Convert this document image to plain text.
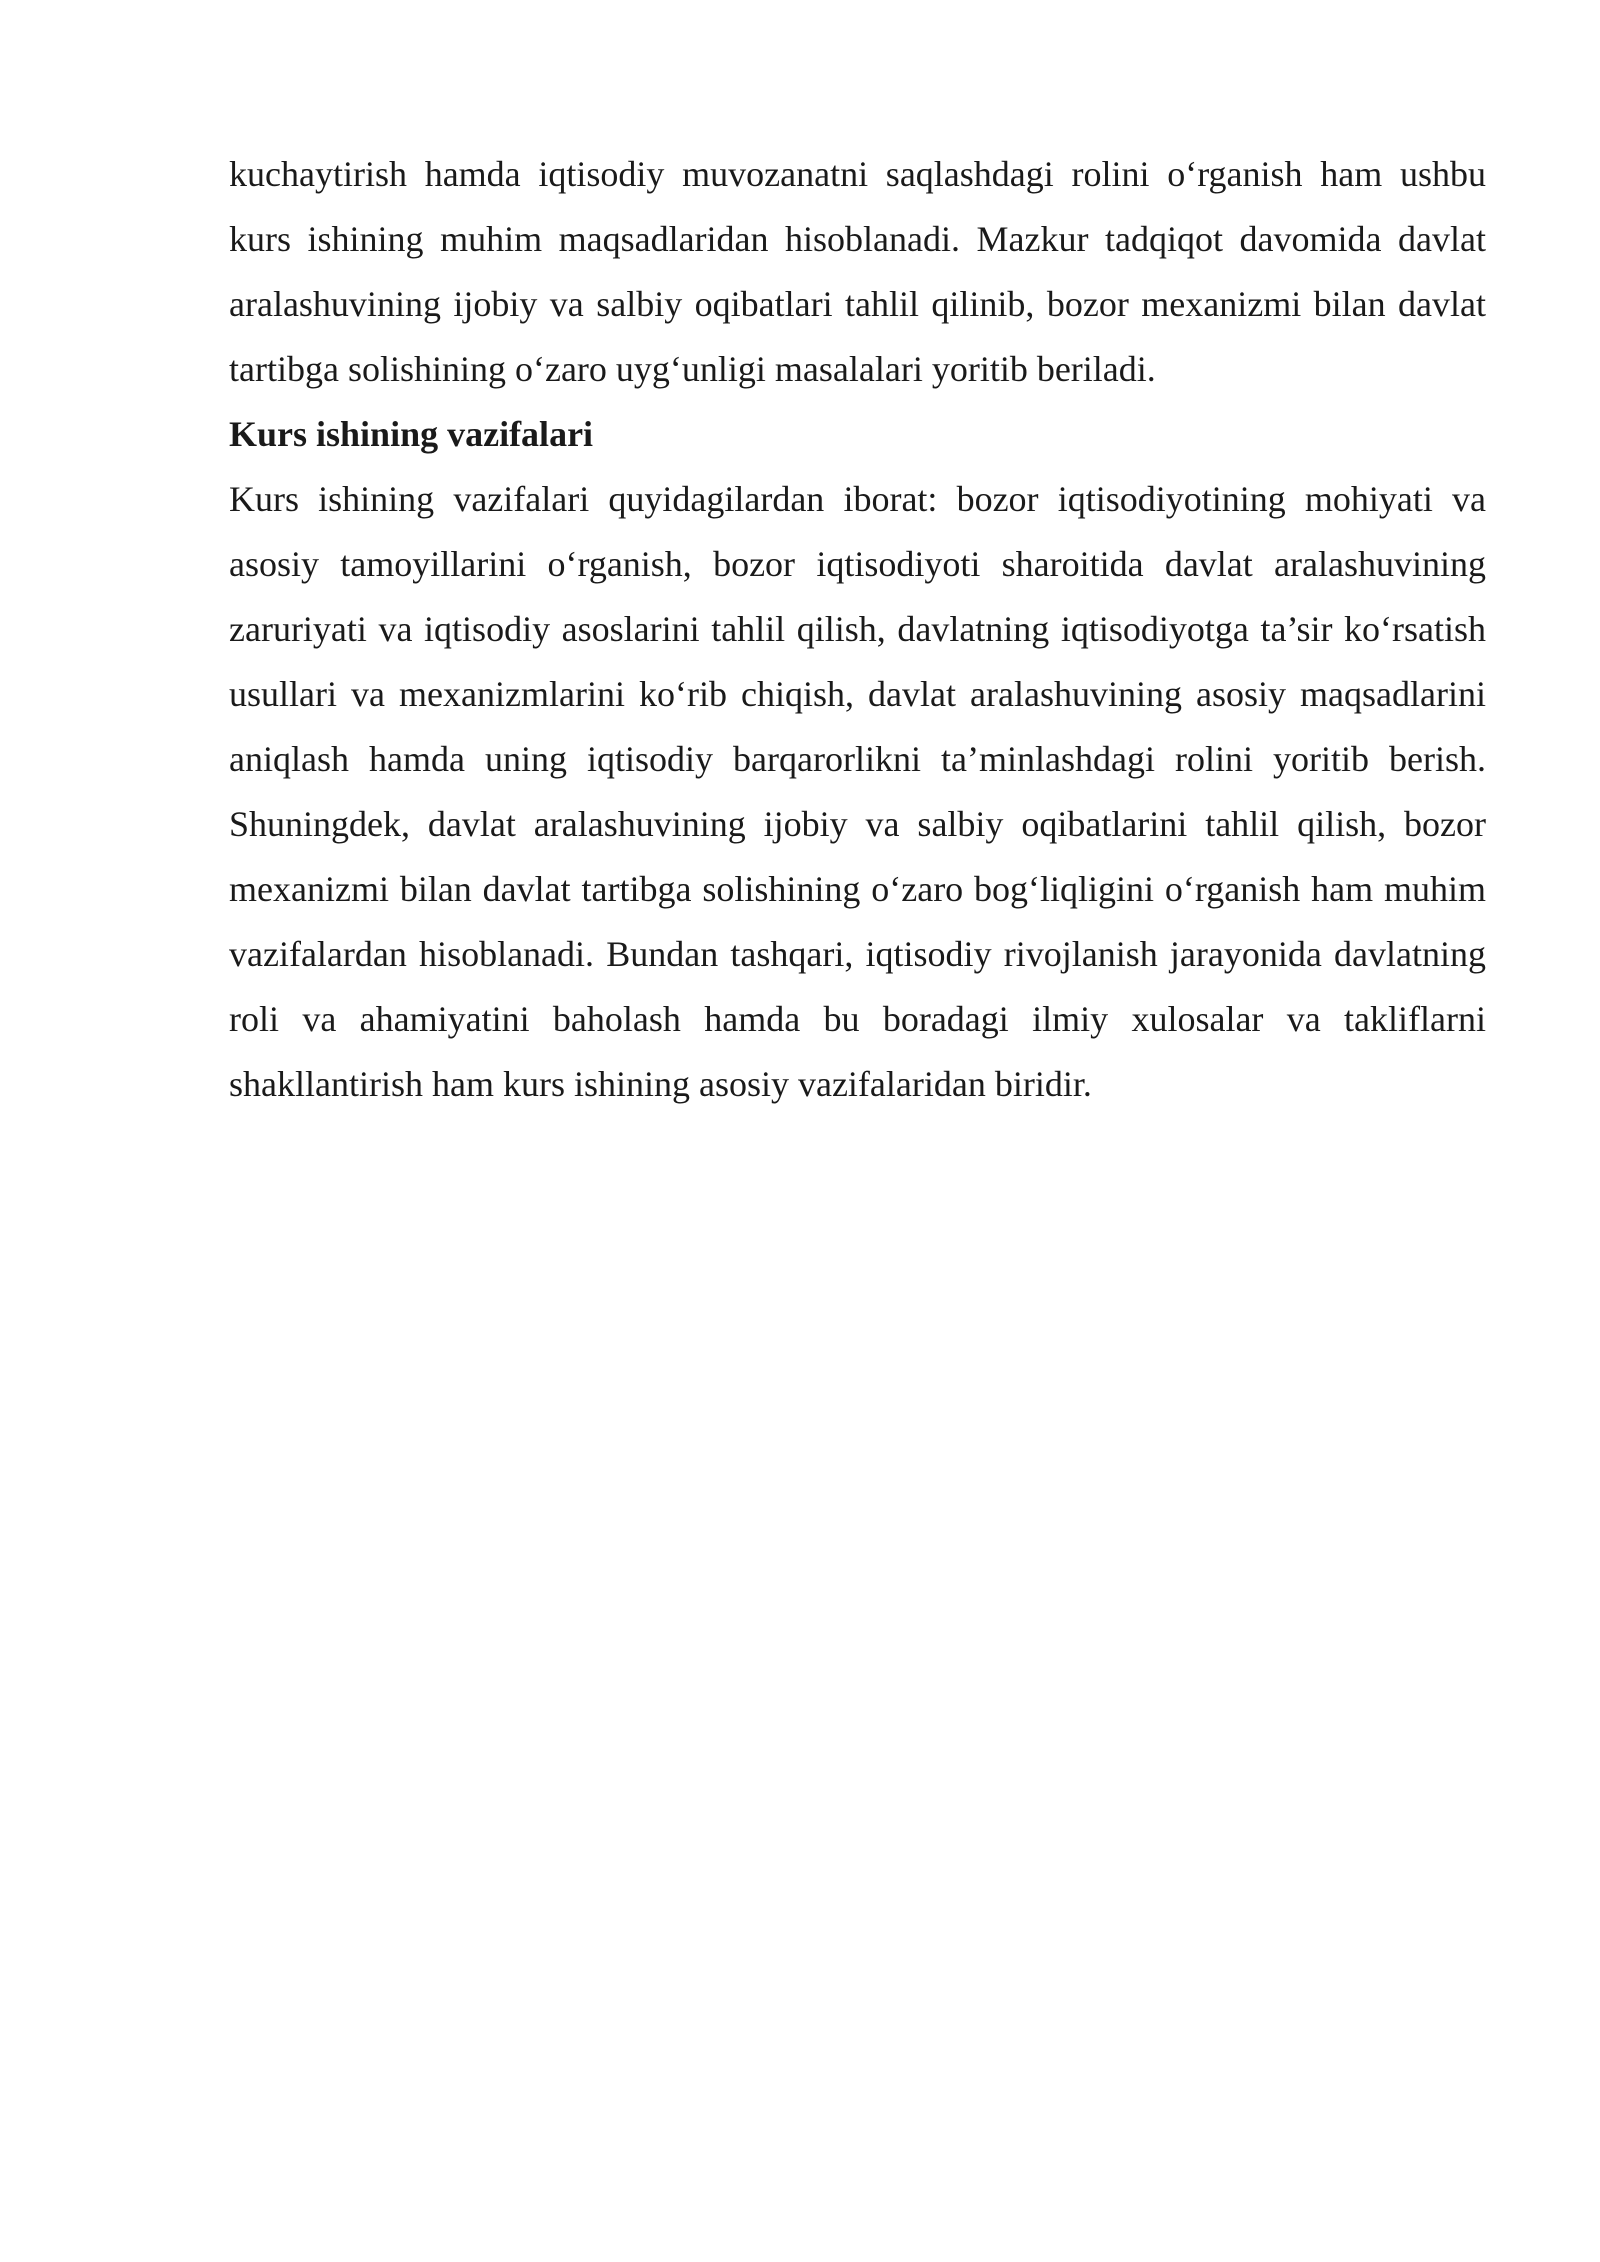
kuchaytirish hamda iqtisodiy muvozanatni saqlashdagi rolini o‘rganish ham ushbu kurs ishining muhim maqsadlaridan hisoblanadi. Mazkur tadqiqot davomida davlat aralashuvining ijobiy va salbiy oqibatlari tahlil qilinib, bozor mexanizmi bilan davlat tartibga solishining o‘zaro uyg‘unligi masalalari yoritib beriladi.

Kurs ishining vazifalari

Kurs ishining vazifalari quyidagilardan iborat: bozor iqtisodiyotining mohiyati va asosiy tamoyillarini o‘rganish, bozor iqtisodiyoti sharoitida davlat aralashuvining zaruriyati va iqtisodiy asoslarini tahlil qilish, davlatning iqtisodiyotga ta’sir ko‘rsatish usullari va mexanizmlarini ko‘rib chiqish, davlat aralashuvining asosiy maqsadlarini aniqlash hamda uning iqtisodiy barqarorlikni ta’minlashdagi rolini yoritib berish. Shuningdek, davlat aralashuvining ijobiy va salbiy oqibatlarini tahlil qilish, bozor mexanizmi bilan davlat tartibga solishining o‘zaro bog‘liqligini o‘rganish ham muhim vazifalardan hisoblanadi. Bundan tashqari, iqtisodiy rivojlanish jarayonida davlatning roli va ahamiyatini baholash hamda bu boradagi ilmiy xulosalar va takliflarni shakllantirish ham kurs ishining asosiy vazifalaridan biridir.
